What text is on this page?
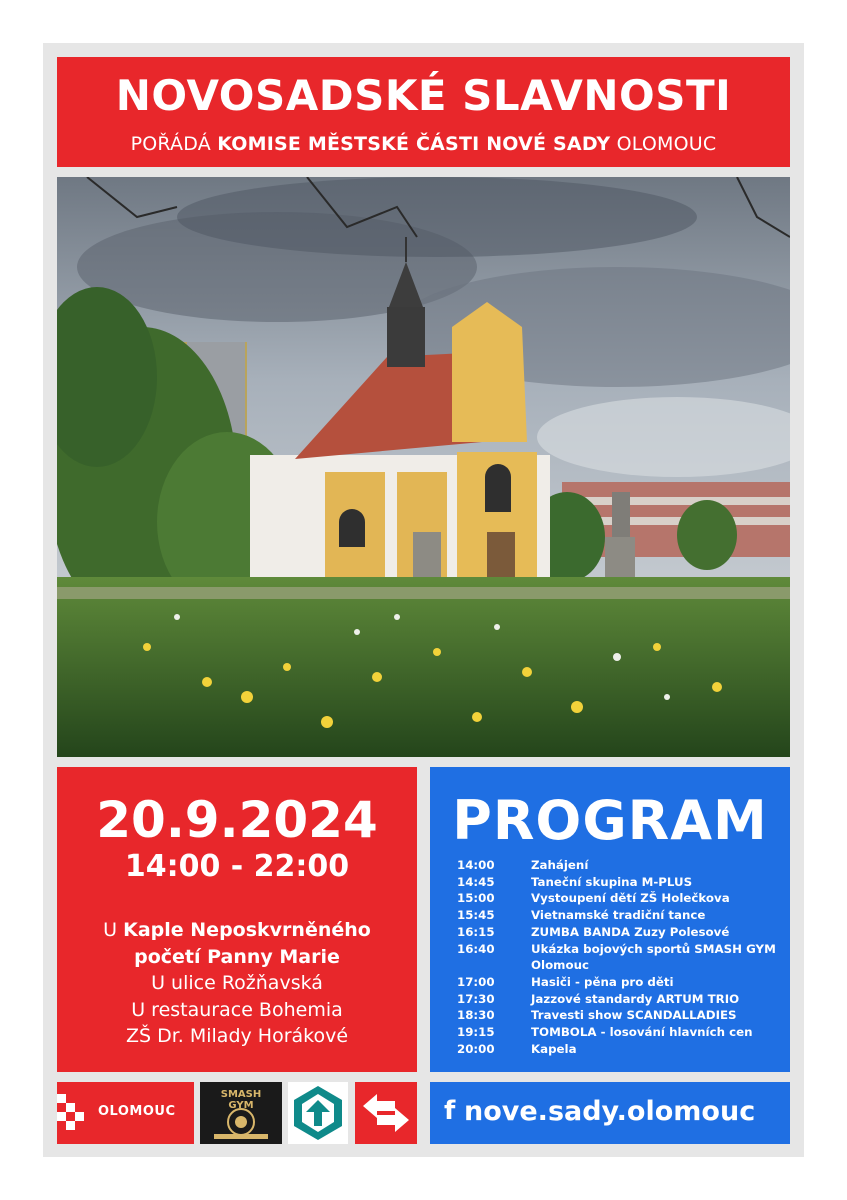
NOVOSADSKÉ SLAVNOSTI
POŘÁDÁ KOMISE MĚSTSKÉ ČÁSTI NOVÉ SADY OLOMOUC
20.9.2024
14:00 - 22:00
U Kaple Neposkvrněného
početí Panny Marie
U ulice Rožňavská
U restaurace Bohemia
ZŠ Dr. Milady Horákové
PROGRAM
14:00	Zahájení
14:45	Taneční skupina M-PLUS
15:00	Vystoupení dětí ZŠ Holečkova
15:45	Vietnamské tradiční tance
16:15	ZUMBA BANDA Zuzy Polesové
16:40	Ukázka bojových sportů SMASH GYM Olomouc
17:00	Hasiči - pěna pro děti
17:30	Jazzové standardy ARTUM TRIO
18:30	Travesti show SCANDALLADIES
19:15	TOMBOLA - losování hlavních cen
20:00	Kapela
OLOMOUC
SMASH
GYM	f nove.sady.olomouc
